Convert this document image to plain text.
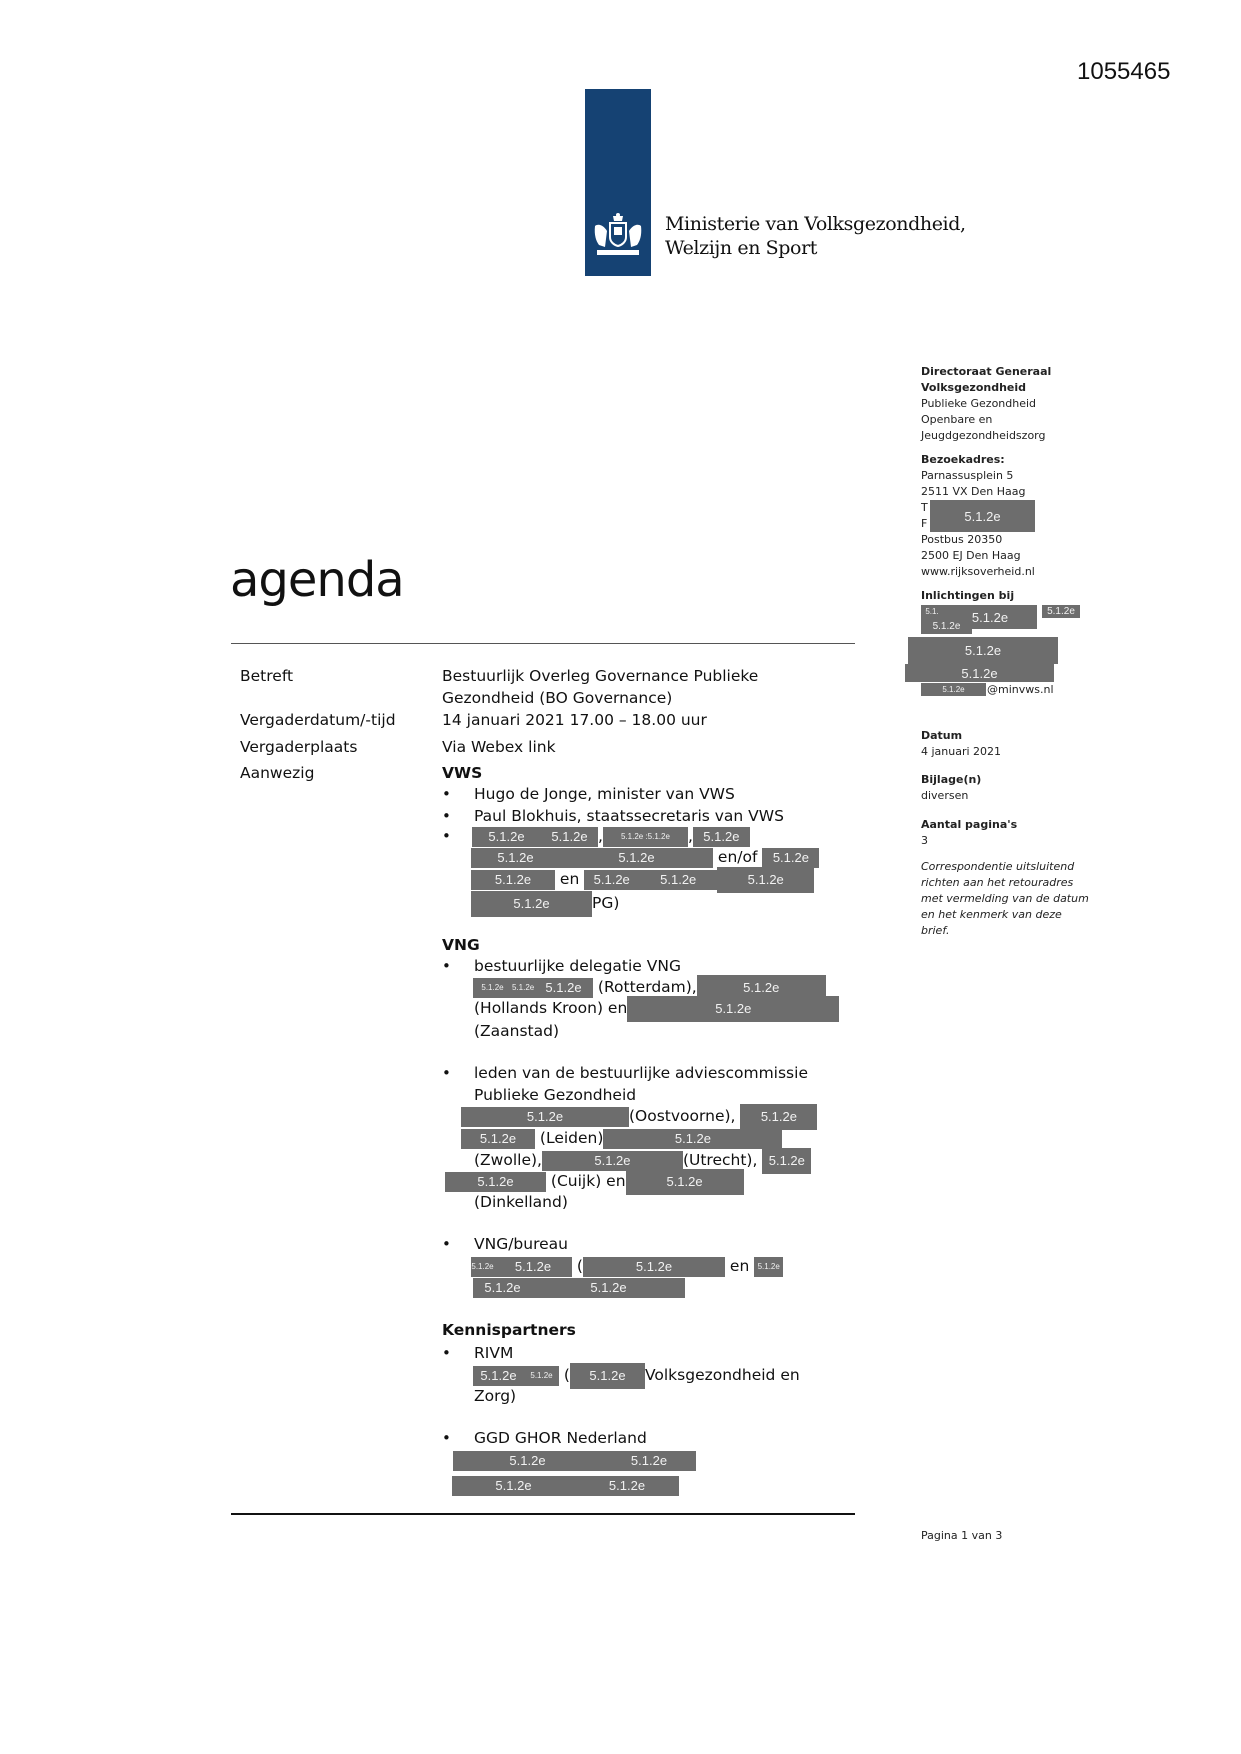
1055465
Ministerie van Volksgezondheid,
Welzijn en Sport
agenda
Betreft	Bestuurlijk Overleg Governance Publieke
Gezondheid (BO Governance)
Vergaderdatum/-tijd	14 januari 2021 17.00 – 18.00 uur
Vergaderplaats	Via Webex link
Aanwezig	VWS
• Hugo de Jonge, minister van VWS
• Paul Blokhuis, staatssecretaris van VWS
•
VNG
• bestuurlijke delegatie VNG
• leden van de bestuurlijke adviescommissie
Publieke Gezondheid
• VNG/bureau
Kennispartners
• RIVM
• GGD GHOR Nederland
5.1.2e	5.1.2e ,	5.1.2e :5.1.2e	, 5.1.2e
5.1.2e	5.1.2e	en/of 5.1.2e
5.1.2e	en 5.1.2e	5.1.2e	5.1.2e
5.1.2e	PG)
5.1.2e	5.1.2e 5.1.2e (Rotterdam),	5.1.2e
(Hollands Kroon) en	5.1.2e
(Zaanstad)
5.1.2e	(Oostvoorne),	5.1.2e
5.1.2e	(Leiden)	5.1.2e
(Zwolle),	5.1.2e	(Utrecht), 5.1.2e
5.1.2e	(Cuijk) en	5.1.2e
(Dinkelland)
5.1.2e	5.1.2e	(	5.1.2e	en 5.1.2e
5.1.2e	5.1.2e
5.1.2e	5.1.2e (	5.1.2e	Volksgezondheid en
Zorg)
5.1.2e	5.1.2e
5.1.2e	5.1.2e
Directoraat Generaal
Volksgezondheid
Publieke Gezondheid
Openbare en
Jeugdgezondheidszorg
Bezoekadres:
Parnassusplein 5
2511 VX Den Haag
T
F	5.1.2e
Postbus 20350
2500 EJ Den Haag
www.rijksoverheid.nl
Inlichtingen bij
5.1.	5.1.2e	5.1.2e
5.1.2e
5.1.2e
5.1.2e
5.1.2e	@minvws.nl
Datum
4 januari 2021
Bijlage(n)
diversen
Aantal pagina's
3
Correspondentie uitsluitend
richten aan het retouradres
met vermelding van de datum
en het kenmerk van deze
brief.
Pagina 1 van 3
